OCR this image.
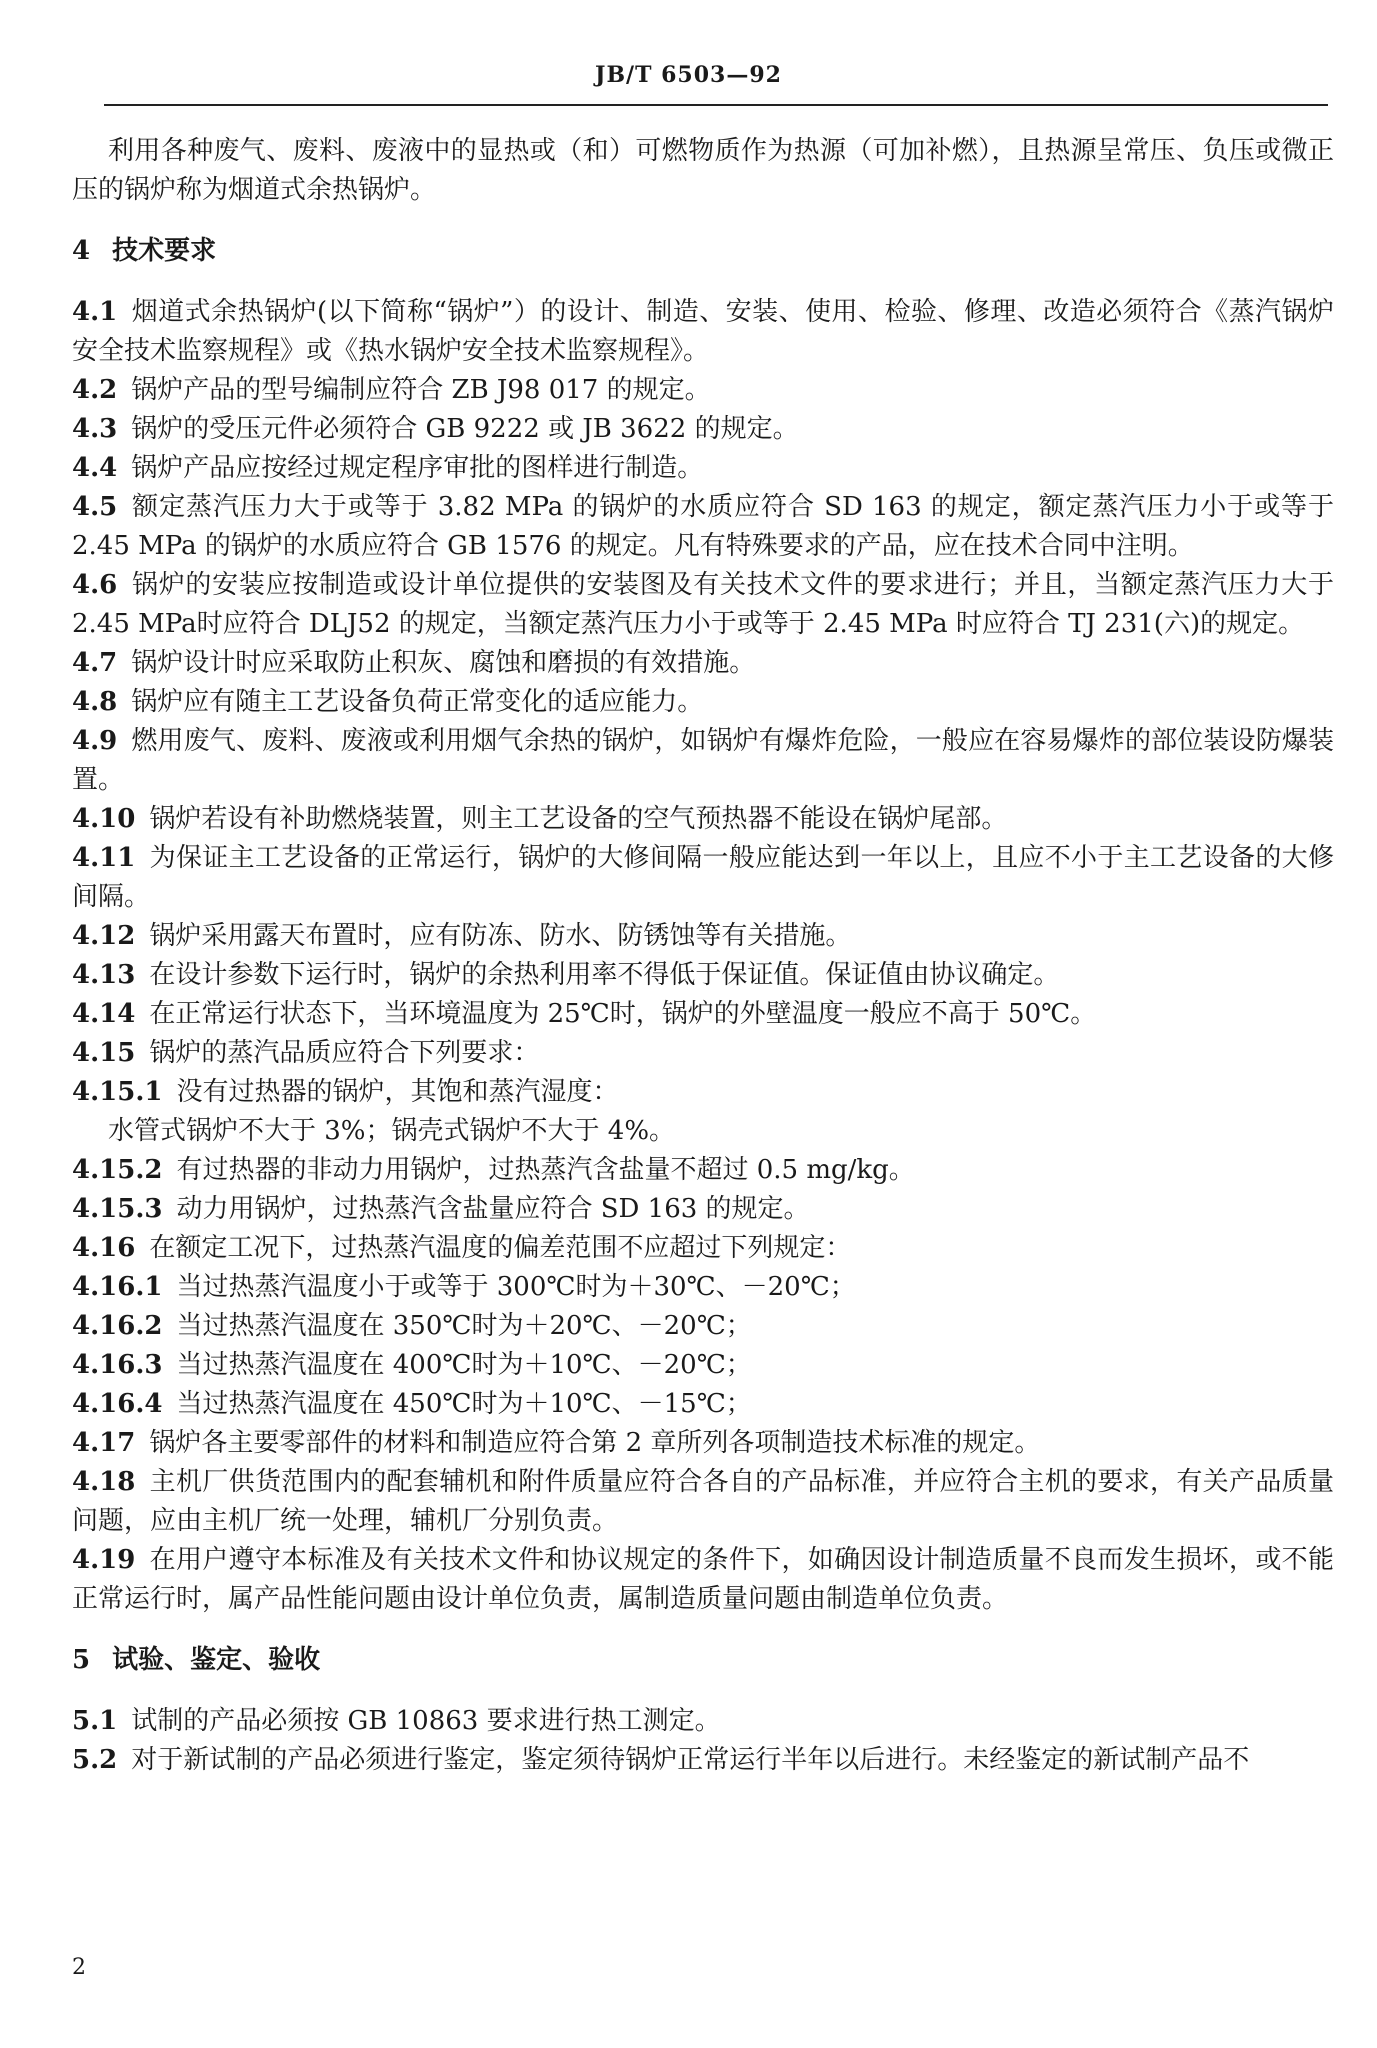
JB/T 6503—92

利用各种废气、废料、废液中的显热或（和）可燃物质作为热源（可加补燃），且热源呈常压、负压或微正压的锅炉称为烟道式余热锅炉。

4 技术要求

4.1 烟道式余热锅炉(以下简称“锅炉”）的设计、制造、安装、使用、检验、修理、改造必须符合《蒸汽锅炉安全技术监察规程》或《热水锅炉安全技术监察规程》。

4.2 锅炉产品的型号编制应符合 ZB J98 017 的规定。

4.3 锅炉的受压元件必须符合 GB 9222 或 JB 3622 的规定。

4.4 锅炉产品应按经过规定程序审批的图样进行制造。

4.5 额定蒸汽压力大于或等于 3.82 MPa 的锅炉的水质应符合 SD 163 的规定，额定蒸汽压力小于或等于 2.45 MPa 的锅炉的水质应符合 GB 1576 的规定。凡有特殊要求的产品，应在技术合同中注明。

4.6 锅炉的安装应按制造或设计单位提供的安装图及有关技术文件的要求进行；并且，当额定蒸汽压力大于2.45 MPa时应符合 DLJ52 的规定，当额定蒸汽压力小于或等于 2.45 MPa 时应符合 TJ 231(六)的规定。

4.7 锅炉设计时应采取防止积灰、腐蚀和磨损的有效措施。

4.8 锅炉应有随主工艺设备负荷正常变化的适应能力。

4.9 燃用废气、废料、废液或利用烟气余热的锅炉，如锅炉有爆炸危险，一般应在容易爆炸的部位装设防爆装置。

4.10 锅炉若设有补助燃烧装置，则主工艺设备的空气预热器不能设在锅炉尾部。

4.11 为保证主工艺设备的正常运行，锅炉的大修间隔一般应能达到一年以上，且应不小于主工艺设备的大修间隔。

4.12 锅炉采用露天布置时，应有防冻、防水、防锈蚀等有关措施。

4.13 在设计参数下运行时，锅炉的余热利用率不得低于保证值。保证值由协议确定。

4.14 在正常运行状态下，当环境温度为 25℃时，锅炉的外壁温度一般应不高于 50℃。

4.15 锅炉的蒸汽品质应符合下列要求：

4.15.1 没有过热器的锅炉，其饱和蒸汽湿度：

水管式锅炉不大于 3%；锅壳式锅炉不大于 4%。

4.15.2 有过热器的非动力用锅炉，过热蒸汽含盐量不超过 0.5 mg/kg。

4.15.3 动力用锅炉，过热蒸汽含盐量应符合 SD 163 的规定。

4.16 在额定工况下，过热蒸汽温度的偏差范围不应超过下列规定：

4.16.1 当过热蒸汽温度小于或等于 300℃时为＋30℃、－20℃；

4.16.2 当过热蒸汽温度在 350℃时为＋20℃、－20℃；

4.16.3 当过热蒸汽温度在 400℃时为＋10℃、－20℃；

4.16.4 当过热蒸汽温度在 450℃时为＋10℃、－15℃；

4.17 锅炉各主要零部件的材料和制造应符合第 2 章所列各项制造技术标准的规定。

4.18 主机厂供货范围内的配套辅机和附件质量应符合各自的产品标准，并应符合主机的要求，有关产品质量问题，应由主机厂统一处理，辅机厂分别负责。

4.19 在用户遵守本标准及有关技术文件和协议规定的条件下，如确因设计制造质量不良而发生损坏，或不能正常运行时，属产品性能问题由设计单位负责，属制造质量问题由制造单位负责。

5 试验、鉴定、验收

5.1 试制的产品必须按 GB 10863 要求进行热工测定。

5.2 对于新试制的产品必须进行鉴定，鉴定须待锅炉正常运行半年以后进行。未经鉴定的新试制产品不

2
